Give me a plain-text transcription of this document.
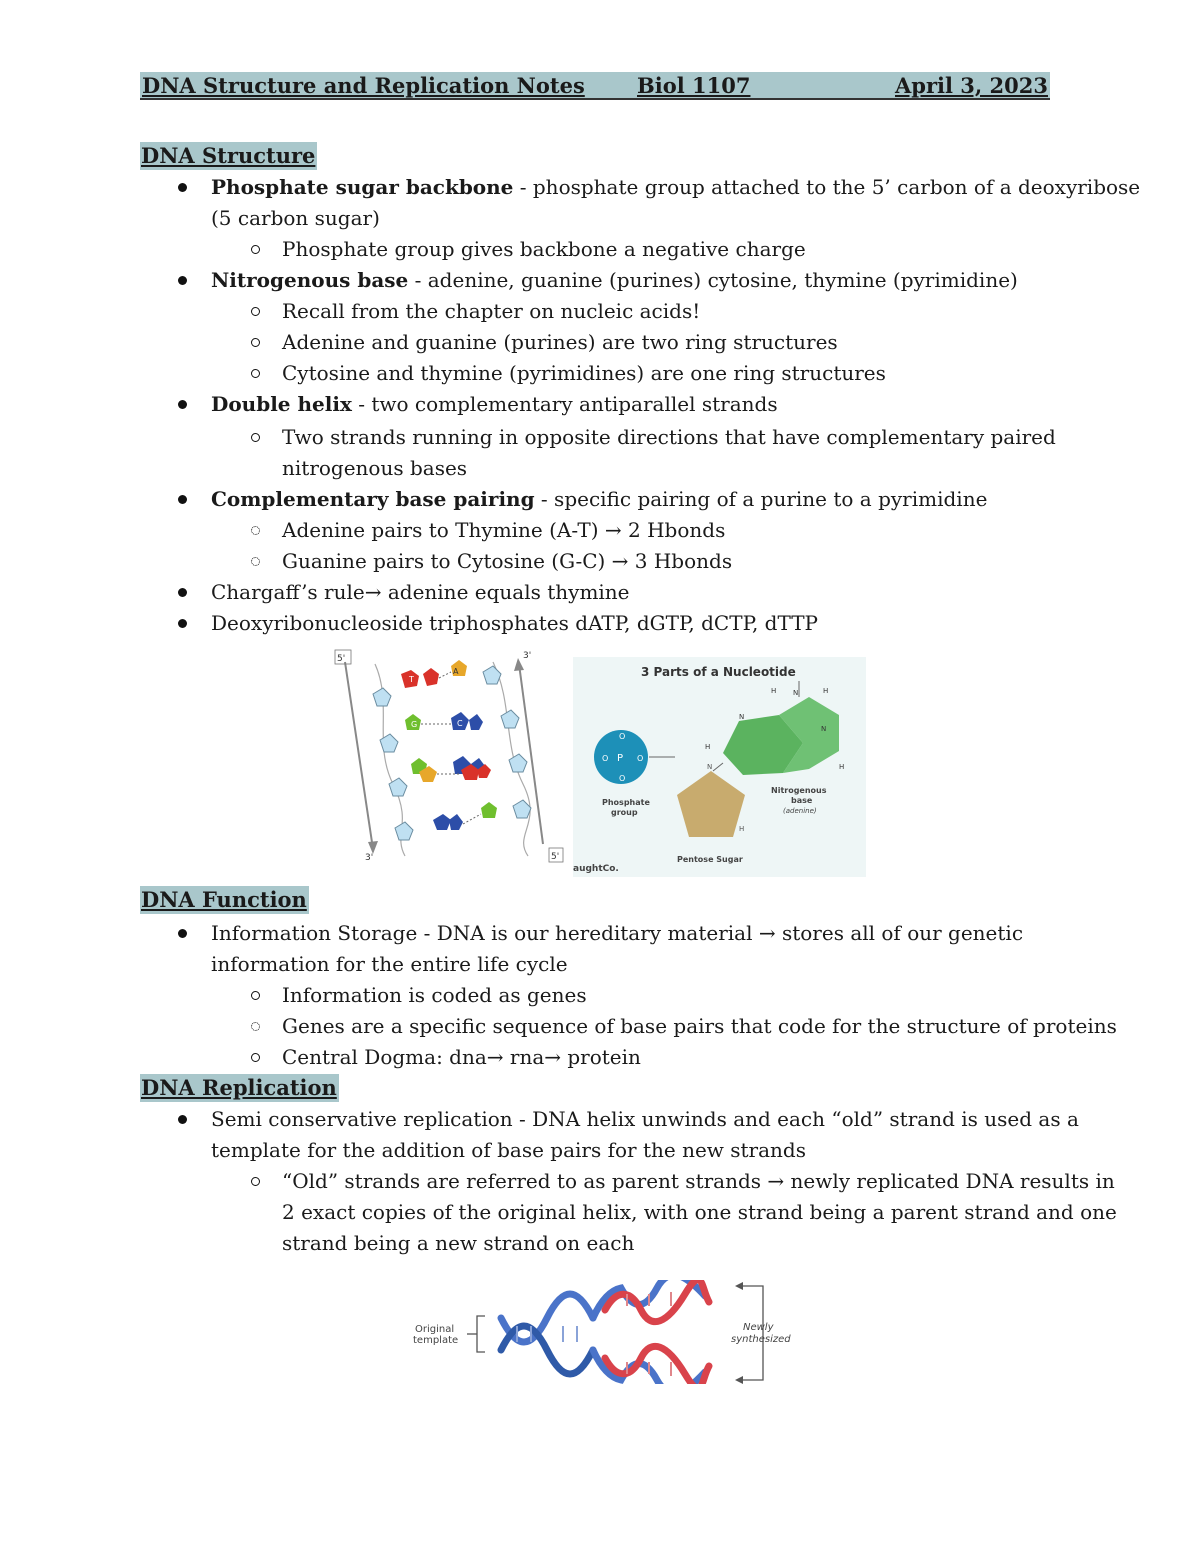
DNA Structure and Replication Notes Biol 1107	April 3, 2023
DNA Structure
Phosphate sugar backbone - phosphate group attached to the 5’ carbon of a deoxyribose
(5 carbon sugar)
Phosphate group gives backbone a negative charge
Nitrogenous base - adenine, guanine (purines) cytosine, thymine (pyrimidine)
Recall from the chapter on nucleic acids!
Adenine and guanine (purines) are two ring structures
Cytosine and thymine (pyrimidines) are one ring structures
Double helix - two complementary antiparallel strands
Two strands running in opposite directions that have complementary paired
nitrogenous bases
Complementary base pairing - specific pairing of a purine to a pyrimidine
Adenine pairs to Thymine (A-T) → 2 Hbonds
Guanine pairs to Cytosine (G-C) → 3 Hbonds
Chargaff’s rule→ adenine equals thymine
Deoxyribonucleoside triphosphates dATP, dGTP, dCTP, dTTP
A
T
G	C
5'	3'
3'	5'
3 Parts of a Nucleotide
P
O
O	O
O
Phosphate
group
N
H
Pentose Sugar
N
N
N
H	H
H
H
Nitrogenous
base
(adenine)
aughtCo.
DNA Function
Information Storage - DNA is our hereditary material → stores all of our genetic
information for the entire life cycle
Information is coded as genes
Genes are a specific sequence of base pairs that code for the structure of proteins
Central Dogma: dna→ rna→ protein
DNA Replication
Semi conservative replication - DNA helix unwinds and each “old” strand is used as a
template for the addition of base pairs for the new strands
“Old” strands are referred to as parent strands → newly replicated DNA results in
2 exact copies of the original helix, with one strand being a parent strand and one
strand being a new strand on each
Original
template
Newly
synthesized
